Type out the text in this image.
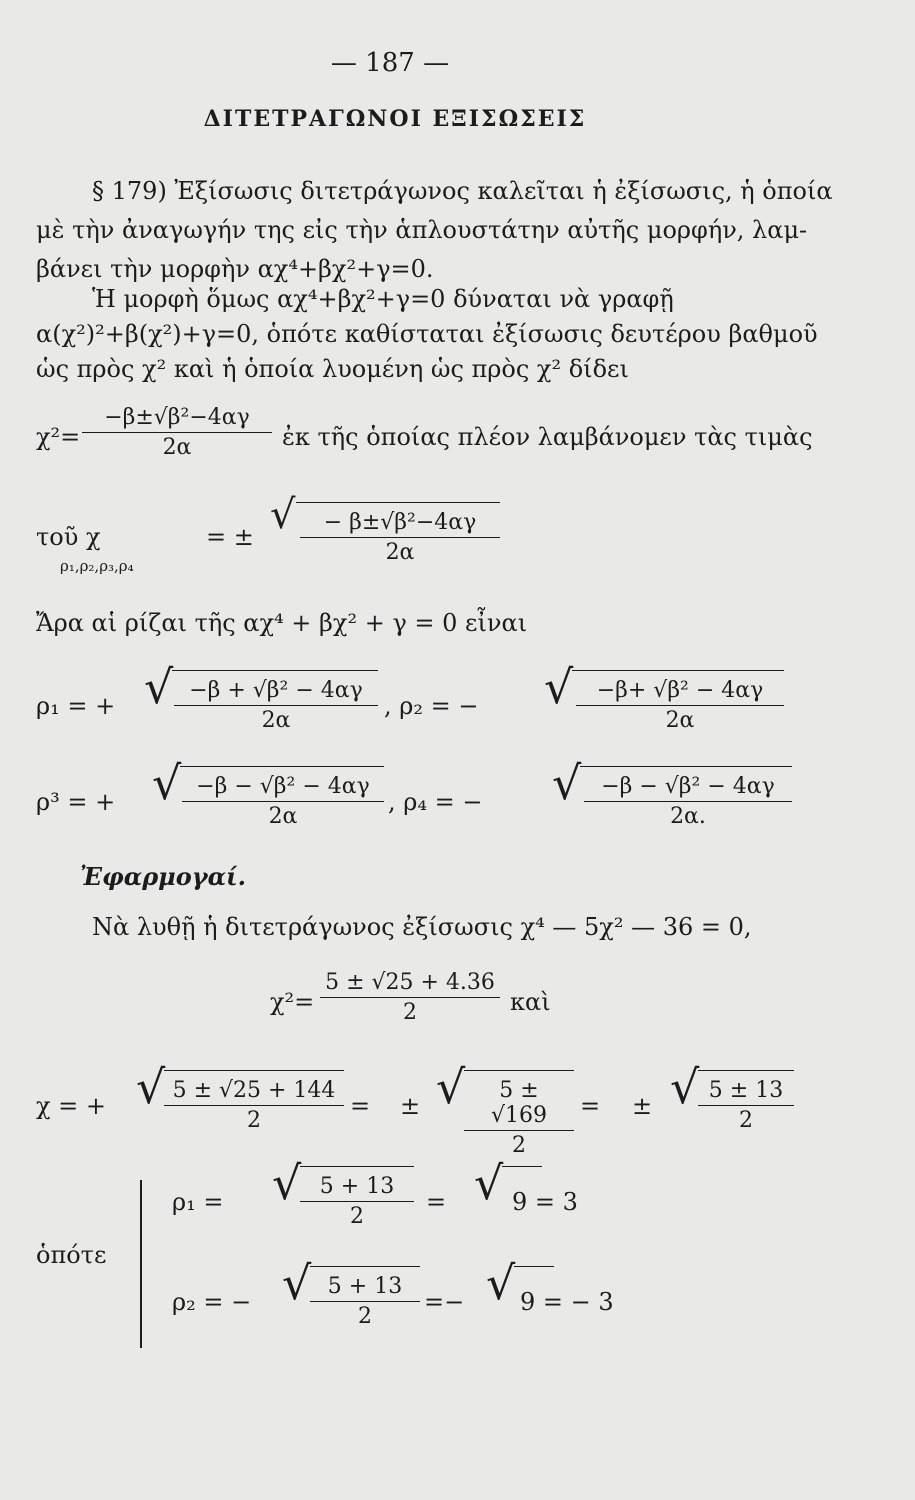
— 187 —
ΔΙΤΕΤΡΑΓΩΝΟΙ ΕΞΙΣΩΣΕΙΣ
§ 179) Ἐξίσωσις διτετράγωνος καλεῖται ἡ ἐξίσωσις, ἡ ὁποία
μὲ τὴν ἀναγωγήν της εἰς τὴν ἁπλουστάτην αὐτῆς μορφήν, λαμ-
βάνει τὴν μορφὴν αχ⁴+βχ²+γ=0.
Ἡ μορφὴ ὅμως αχ⁴+βχ²+γ=0 δύναται νὰ γραφῇ
α(χ²)²+β(χ²)+γ=0, ὁπότε καθίσταται ἐξίσωσις δευτέρου βαθμοῦ
ὡς πρὸς χ² καὶ ἡ ὁποία λυομένη ὡς πρὸς χ² δίδει
$\chi^2= \frac{\text{−β±√β²−4αγ}}{2\alpha}$ ἐκ τῆς ὁποίας πλέον λαμβάνομεν τὰς τιμὰς
τοῦ χ
ρ₁,ρ₂,ρ₃,ρ₄
= ± √ $\frac{\text{− β±√β²−4αγ}}{2\alpha}$
Ἄρα αἱ ρίζαι τῆς αχ⁴ + βχ² + γ = 0 εἶναι
ρ₁ = + √ $\frac{\text{−β + √β² − 4αγ}}{2\alpha}$ , ρ₂ = − √ $\frac{\text{−β+ √β² − 4αγ}}{2\alpha}$
ρ³ = + √ $\frac{\text{−β − √β² − 4αγ}}{2\alpha}$ , ρ₄ = − √ $\frac{\text{−β − √β² − 4αγ}}{2\alpha.}$
Ἐφαρμογαί.
Νὰ λυθῇ ἡ διτετράγωνος ἐξίσωσις χ⁴ — 5χ² — 36 = 0,
$\chi^2= \frac{5 \pm √25 + 4.36}{2}$ καὶ
χ = + √
$\frac{5 \pm √25 + 144}{2}$ = ± √
$\frac{5 \pm √169}{2}$ = ± √
$\frac{5 \pm 13}{2}$
ὁπότε
ρ₁ = √
$\frac{5 + 13}{2}$ = √ 9 = 3
ρ₂ = − √
$\frac{5 + 13}{2}$ =− √ 9 = − 3
